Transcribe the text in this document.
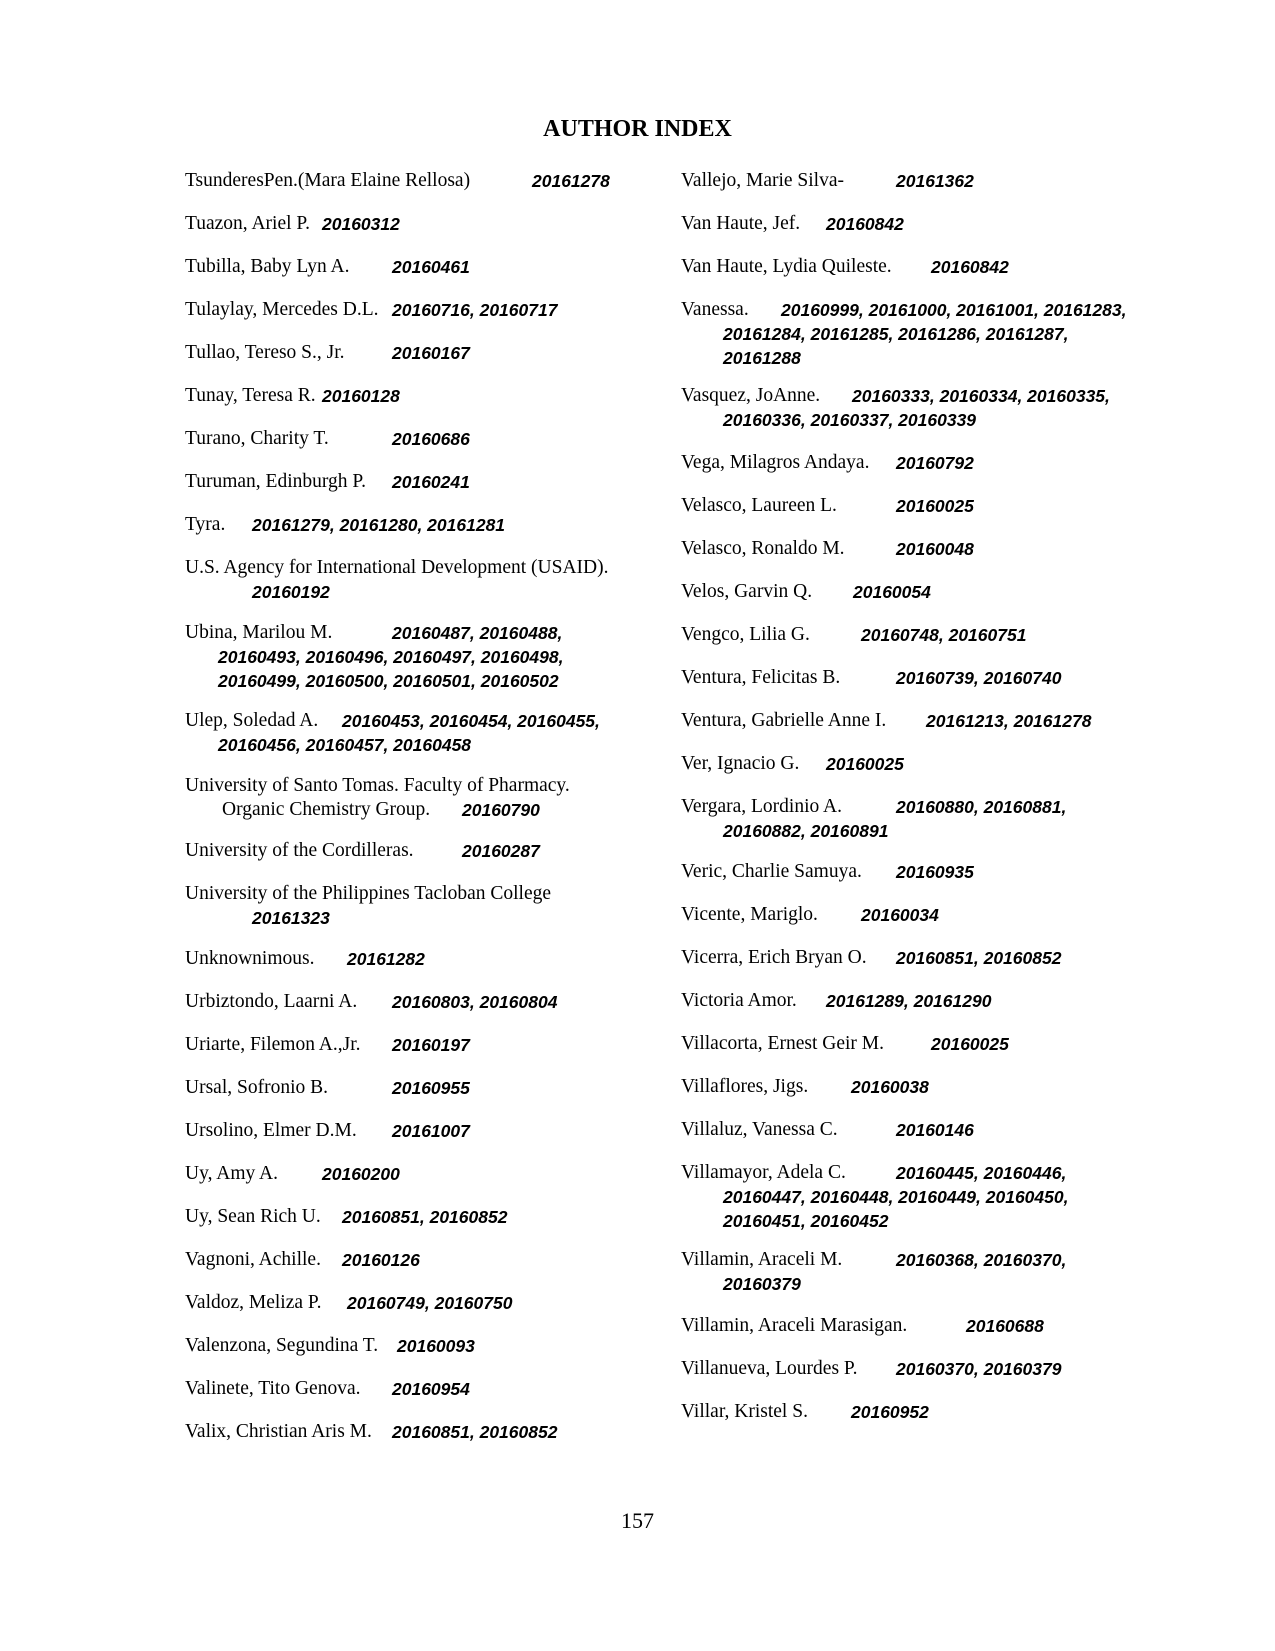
AUTHOR INDEX
TsunderesPen.(Mara Elaine Rellosa)	20161278
Tuazon, Ariel P. 20160312
Tubilla, Baby Lyn A. 20160461
Tulaylay, Mercedes D.L. 20160716, 20160717
Tullao, Tereso S., Jr.	20160167
Tunay, Teresa R. 20160128
Turano, Charity T.	20160686
Turuman, Edinburgh P. 20160241
Tyra. 20161279, 20161280, 20161281
U.S. Agency for International Development (USAID).
20160192
Ubina, Marilou M.	20160487, 20160488,
20160493, 20160496, 20160497, 20160498,
20160499, 20160500, 20160501, 20160502
Ulep, Soledad A. 20160453, 20160454, 20160455,
20160456, 20160457, 20160458
University of Santo Tomas. Faculty of Pharmacy.
Organic Chemistry Group. 20160790
University of the Cordilleras.	20160287
University of the Philippines Tacloban College
20161323
Unknownimous. 20161282
Urbiztondo, Laarni A. 20160803, 20160804
Uriarte, Filemon A.,Jr. 20160197
Ursal, Sofronio B.	20160955
Ursolino, Elmer D.M. 20161007
Uy, Amy A.	20160200
Uy, Sean Rich U. 20160851, 20160852
Vagnoni, Achille. 20160126
Valdoz, Meliza P. 20160749, 20160750
Valenzona, Segundina T. 20160093
Valinete, Tito Genova. 20160954
Valix, Christian Aris M. 20160851, 20160852
Vallejo, Marie Silva-	20161362
Van Haute, Jef. 20160842
Van Haute, Lydia Quileste. 20160842
Vanessa. 20160999, 20161000, 20161001, 20161283,
20161284, 20161285, 20161286, 20161287,
20161288
Vasquez, JoAnne. 20160333, 20160334, 20160335,
20160336, 20160337, 20160339
Vega, Milagros Andaya. 20160792
Velasco, Laureen L.	20160025
Velasco, Ronaldo M.	20160048
Velos, Garvin Q. 20160054
Vengco, Lilia G.	20160748, 20160751
Ventura, Felicitas B.	20160739, 20160740
Ventura, Gabrielle Anne I. 20161213, 20161278
Ver, Ignacio G. 20160025
Vergara, Lordinio A.	20160880, 20160881,
20160882, 20160891
Veric, Charlie Samuya. 20160935
Vicente, Mariglo. 20160034
Vicerra, Erich Bryan O. 20160851, 20160852
Victoria Amor. 20161289, 20161290
Villacorta, Ernest Geir M.	20160025
Villaflores, Jigs. 20160038
Villaluz, Vanessa C.	20160146
Villamayor, Adela C.	20160445, 20160446,
20160447, 20160448, 20160449, 20160450,
20160451, 20160452
Villamin, Araceli M.	20160368, 20160370,
20160379
Villamin, Araceli Marasigan.	20160688
Villanueva, Lourdes P. 20160370, 20160379
Villar, Kristel S. 20160952
157
